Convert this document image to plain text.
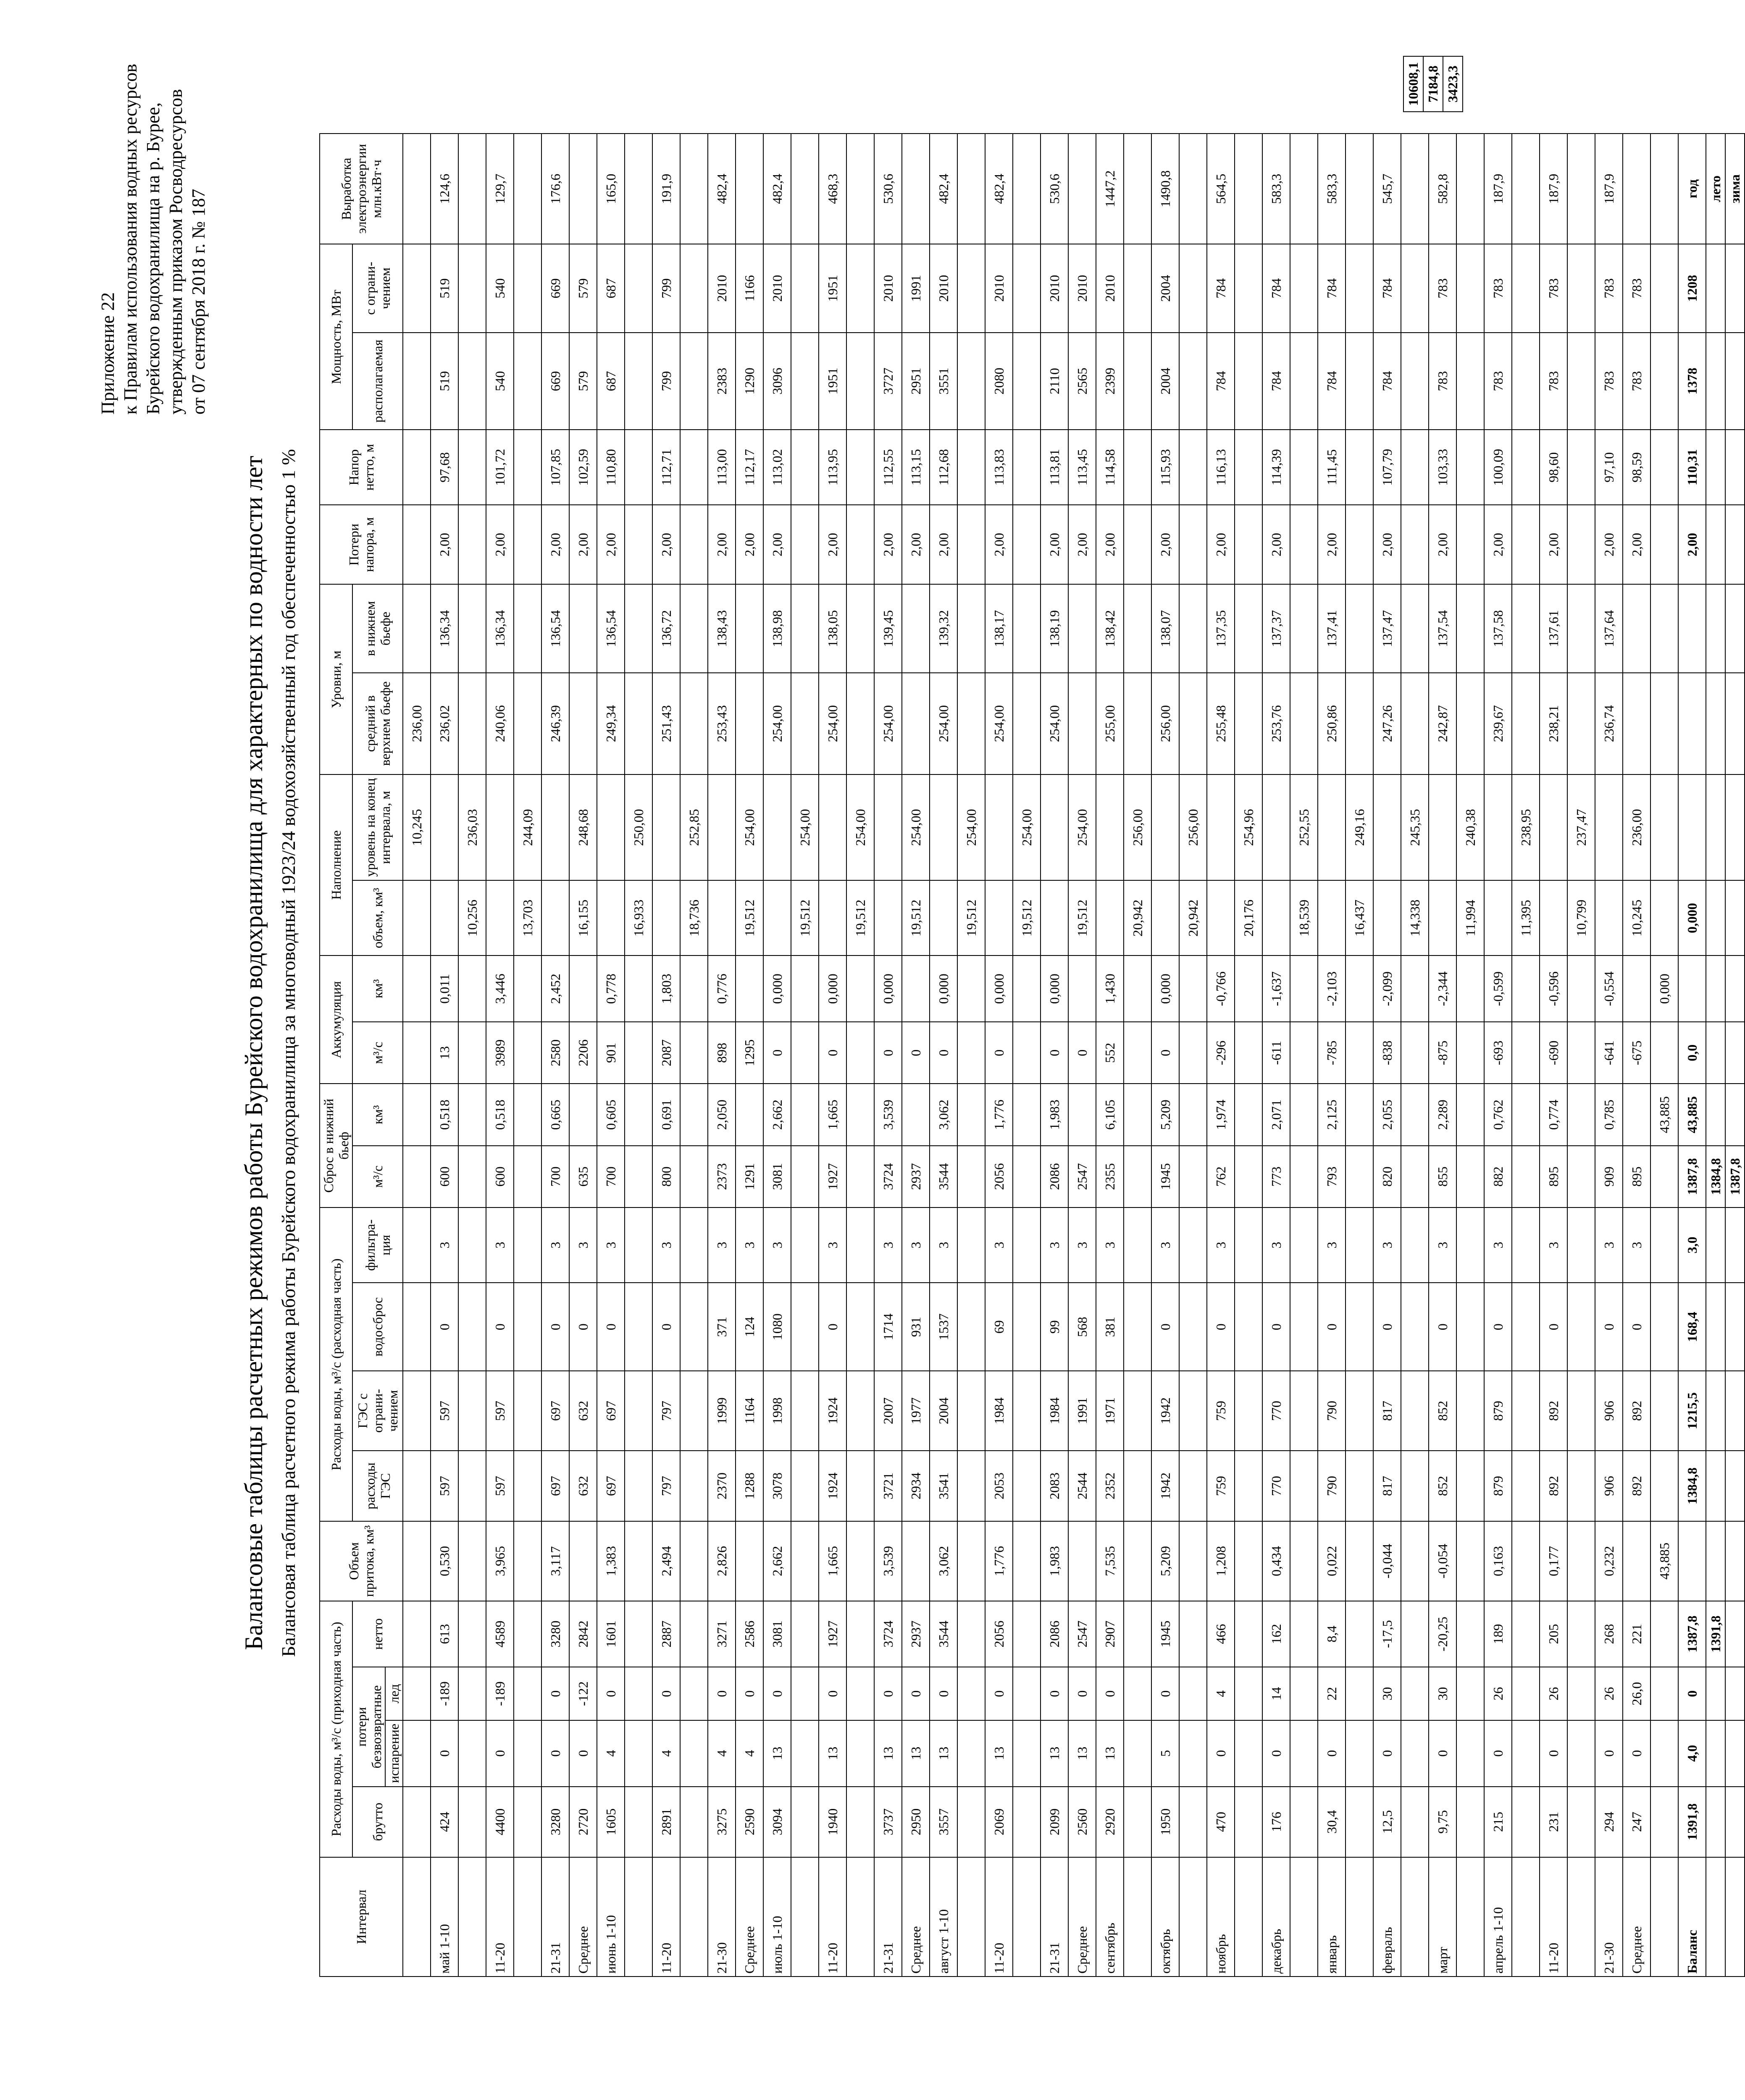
Приложение 22 к Правилам использования водных ресурсов Бурейского водохранилища на р. Бурее, утвержденным приказом Росводресурсов от 07 сентября 2018 г. № 187
Балансовые таблицы расчетных режимов работы Бурейского водохранилища для характерных по водности лет Балансовая таблица расчетного режима работы Бурейского водохранилища за многоводный 1923/24 водохозяйственный год обеспеченностью 1 %
Интервал	Расходы воды, м³/с (приходная часть)				Объем притока, км³	Расходы воды, м³/с (расходная часть)				Сброс в нижний бьеф		Аккумуляция		Наполнение		Уровни, м		Потери напора, м	Напор нетто, м	Мощность, МВт		Выработка электроэнергии млн.кВт·ч
	брутто	потери безвозвратные		нетто		расходы ГЭС	ГЭС с ограни-чением	водосброс	фильтра-ция	м³/с	км³	м³/с	км³	объем, км³	уровень на конец интервала, м	средний в верхнем бьефе	в нижнем бьефе			располагаемая	с ограни-чением	
		испарение	лед																			
															10,245	236,00						
май 1-10	424	0	-189	613	0,530	597	597	0	3	600	0,518	13	0,011			236,02	136,34	2,00	97,68	519	519	124,6
														10,256	236,03							
11-20	4400	0	-189	4589	3,965	597	597	0	3	600	0,518	3989	3,446			240,06	136,34	2,00	101,72	540	540	129,7
														13,703	244,09							
21-31	3280	0	0	3280	3,117	697	697	0	3	700	0,665	2580	2,452			246,39	136,54	2,00	107,85	669	669	176,6
Среднее	2720	0	-122	2842		632	632	0	3	635		2206		16,155	248,68			2,00	102,59	579	579	
июнь 1-10	1605	4	0	1601	1,383	697	697	0	3	700	0,605	901	0,778			249,34	136,54	2,00	110,80	687	687	165,0
														16,933	250,00							
11-20	2891	4	0	2887	2,494	797	797	0	3	800	0,691	2087	1,803			251,43	136,72	2,00	112,71	799	799	191,9
														18,736	252,85							
21-30	3275	4	0	3271	2,826	2370	1999	371	3	2373	2,050	898	0,776			253,43	138,43	2,00	113,00	2383	2010	482,4
Среднее	2590	4	0	2586		1288	1164	124	3	1291		1295		19,512	254,00			2,00	112,17	1290	1166	
июль 1-10	3094	13	0	3081	2,662	3078	1998	1080	3	3081	2,662	0	0,000			254,00	138,98	2,00	113,02	3096	2010	482,4
														19,512	254,00							
11-20	1940	13	0	1927	1,665	1924	1924	0	3	1927	1,665	0	0,000			254,00	138,05	2,00	113,95	1951	1951	468,3
														19,512	254,00							
21-31	3737	13	0	3724	3,539	3721	2007	1714	3	3724	3,539	0	0,000			254,00	139,45	2,00	112,55	3727	2010	530,6
Среднее	2950	13	0	2937		2934	1977	931	3	2937		0		19,512	254,00			2,00	113,15	2951	1991	
август 1-10	3557	13	0	3544	3,062	3541	2004	1537	3	3544	3,062	0	0,000			254,00	139,32	2,00	112,68	3551	2010	482,4
														19,512	254,00							
11-20	2069	13	0	2056	1,776	2053	1984	69	3	2056	1,776	0	0,000			254,00	138,17	2,00	113,83	2080	2010	482,4
														19,512	254,00							
21-31	2099	13	0	2086	1,983	2083	1984	99	3	2086	1,983	0	0,000			254,00	138,19	2,00	113,81	2110	2010	530,6
Среднее	2560	13	0	2547		2544	1991	568	3	2547		0		19,512	254,00			2,00	113,45	2565	2010	
сентябрь	2920	13	0	2907	7,535	2352	1971	381	3	2355	6,105	552	1,430			255,00	138,42	2,00	114,58	2399	2010	1447,2
														20,942	256,00							
октябрь	1950	5	0	1945	5,209	1942	1942	0	3	1945	5,209	0	0,000			256,00	138,07	2,00	115,93	2004	2004	1490,8
														20,942	256,00							
ноябрь	470	0	4	466	1,208	759	759	0	3	762	1,974	-296	-0,766			255,48	137,35	2,00	116,13	784	784	564,5
														20,176	254,96							
декабрь	176	0	14	162	0,434	770	770	0	3	773	2,071	-611	-1,637			253,76	137,37	2,00	114,39	784	784	583,3
														18,539	252,55							
январь	30,4	0	22	8,4	0,022	790	790	0	3	793	2,125	-785	-2,103			250,86	137,41	2,00	111,45	784	784	583,3
														16,437	249,16							
февраль	12,5	0	30	-17,5	-0,044	817	817	0	3	820	2,055	-838	-2,099			247,26	137,47	2,00	107,79	784	784	545,7
														14,338	245,35							
март	9,75	0	30	-20,25	-0,054	852	852	0	3	855	2,289	-875	-2,344			242,87	137,54	2,00	103,33	783	783	582,8
														11,994	240,38							
апрель 1-10	215	0	26	189	0,163	879	879	0	3	882	0,762	-693	-0,599			239,67	137,58	2,00	100,09	783	783	187,9
														11,395	238,95							
11-20	231	0	26	205	0,177	892	892	0	3	895	0,774	-690	-0,596			238,21	137,61	2,00	98,60	783	783	187,9
														10,799	237,47							
21-30	294	0	26	268	0,232	906	906	0	3	909	0,785	-641	-0,554			236,74	137,64	2,00	97,10	783	783	187,9
Среднее	247	0	26,0	221		892	892	0	3	895		-675		10,245	236,00			2,00	98,59	783	783	
					43,885						43,885		0,000									
Баланс	1391,8	4,0	0	1387,8		1384,8	1215,5	168,4	3,0	1387,8	43,885	0,0		0,000				2,00	110,31	1378	1208	год
				1391,8						1384,8												лето
										1387,8												зима
10608,1
7184,8
3423,3
